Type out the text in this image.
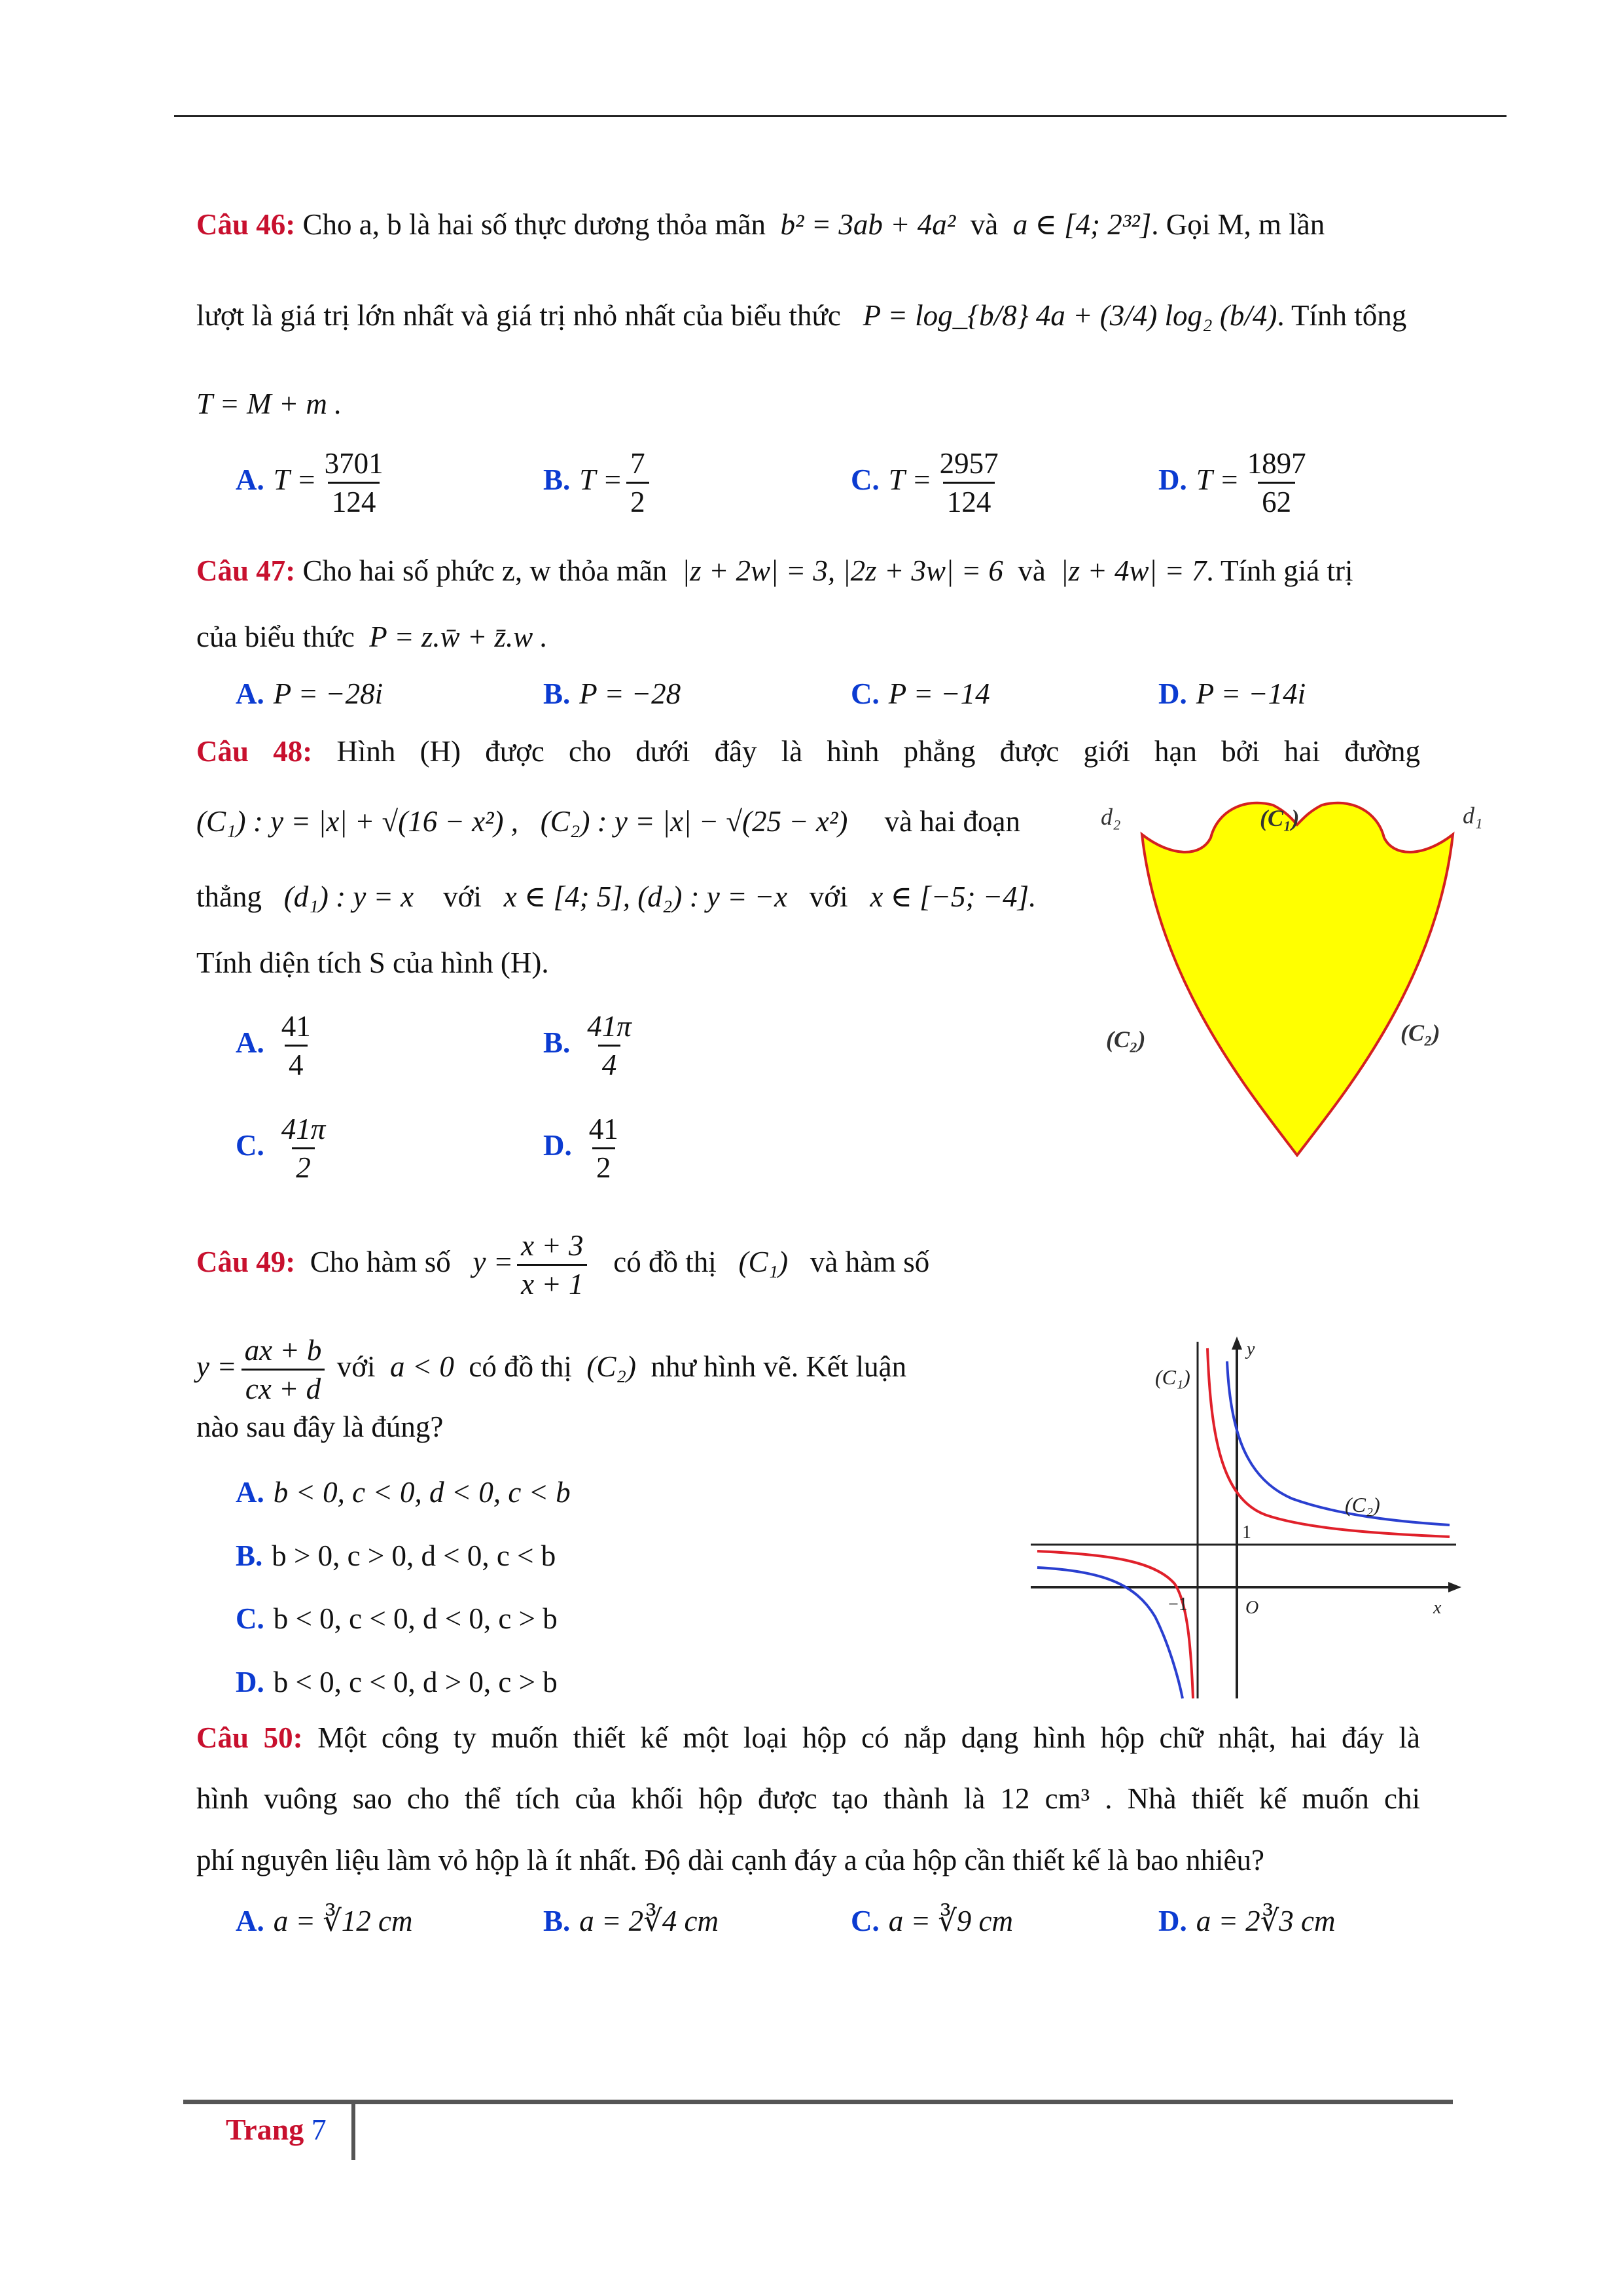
Câu 46: Cho a, b là hai số thực dương thỏa mãn b² = 3ab + 4a² và a ∈ [4; 2³²]. Gọi M, m lần
lượt là giá trị lớn nhất và giá trị nhỏ nhất của biểu thức P = log_{b/8} 4a + (3/4) log₂ (b/4). Tính tổng
T = M + m .
A. $T = \frac{3701}{124}$	B. $T = \frac{7}{2}$	C. $T = \frac{2957}{124}$	D. $T = \frac{1897}{62}$
Câu 47: Cho hai số phức z, w thỏa mãn |z + 2w| = 3, |2z + 3w| = 6 và |z + 4w| = 7. Tính giá trị
của biểu thức P = z.w̄ + z̄.w .
A. P = −28i	B. P = −28	C. P = −14	D. P = −14i
Câu 48: Hình (H) được cho dưới đây là hình phẳng được giới hạn bởi hai đường
(C₁) : y = |x| + √(16 − x²) , (C₂) : y = |x| − √(25 − x²) và hai đoạn
thẳng (d₁) : y = x với x ∈ [4; 5], (d₂) : y = −x với x ∈ [−5; −4].
Tính diện tích S của hình (H).
A. $\frac{41}{4}$	B. $\frac{41\pi}{4}$
C. $\frac{41\pi}{2}$	D. $\frac{41}{2}$
d₂	d₁
(C₁)
(C₂)	(C₂)
Câu 49: Cho hàm số $y = \frac{x + 3}{x + 1}$ có đồ thị (C₁) và hàm số
$y = \frac{ax + b}{cx + d}$ với a < 0 có đồ thị (C₂) như hình vẽ. Kết luận
nào sau đây là đúng?
A. b < 0, c < 0, d < 0, c < b
B. b > 0, c > 0, d < 0, c < b
C. b < 0, c < 0, d < 0, c > b
D. b < 0, c < 0, d > 0, c > b
(C₁)
(C₂)
y
x
1
−1	O
Câu 50: Một công ty muốn thiết kế một loại hộp có nắp dạng hình hộp chữ nhật, hai đáy là
hình vuông sao cho thể tích của khối hộp được tạo thành là 12 cm³ . Nhà thiết kế muốn chi
phí nguyên liệu làm vỏ hộp là ít nhất. Độ dài cạnh đáy a của hộp cần thiết kế là bao nhiêu?
A. a = ∛12 cm	B. a = 2∛4 cm	C. a = ∛9 cm	D. a = 2∛3 cm
Trang 7
